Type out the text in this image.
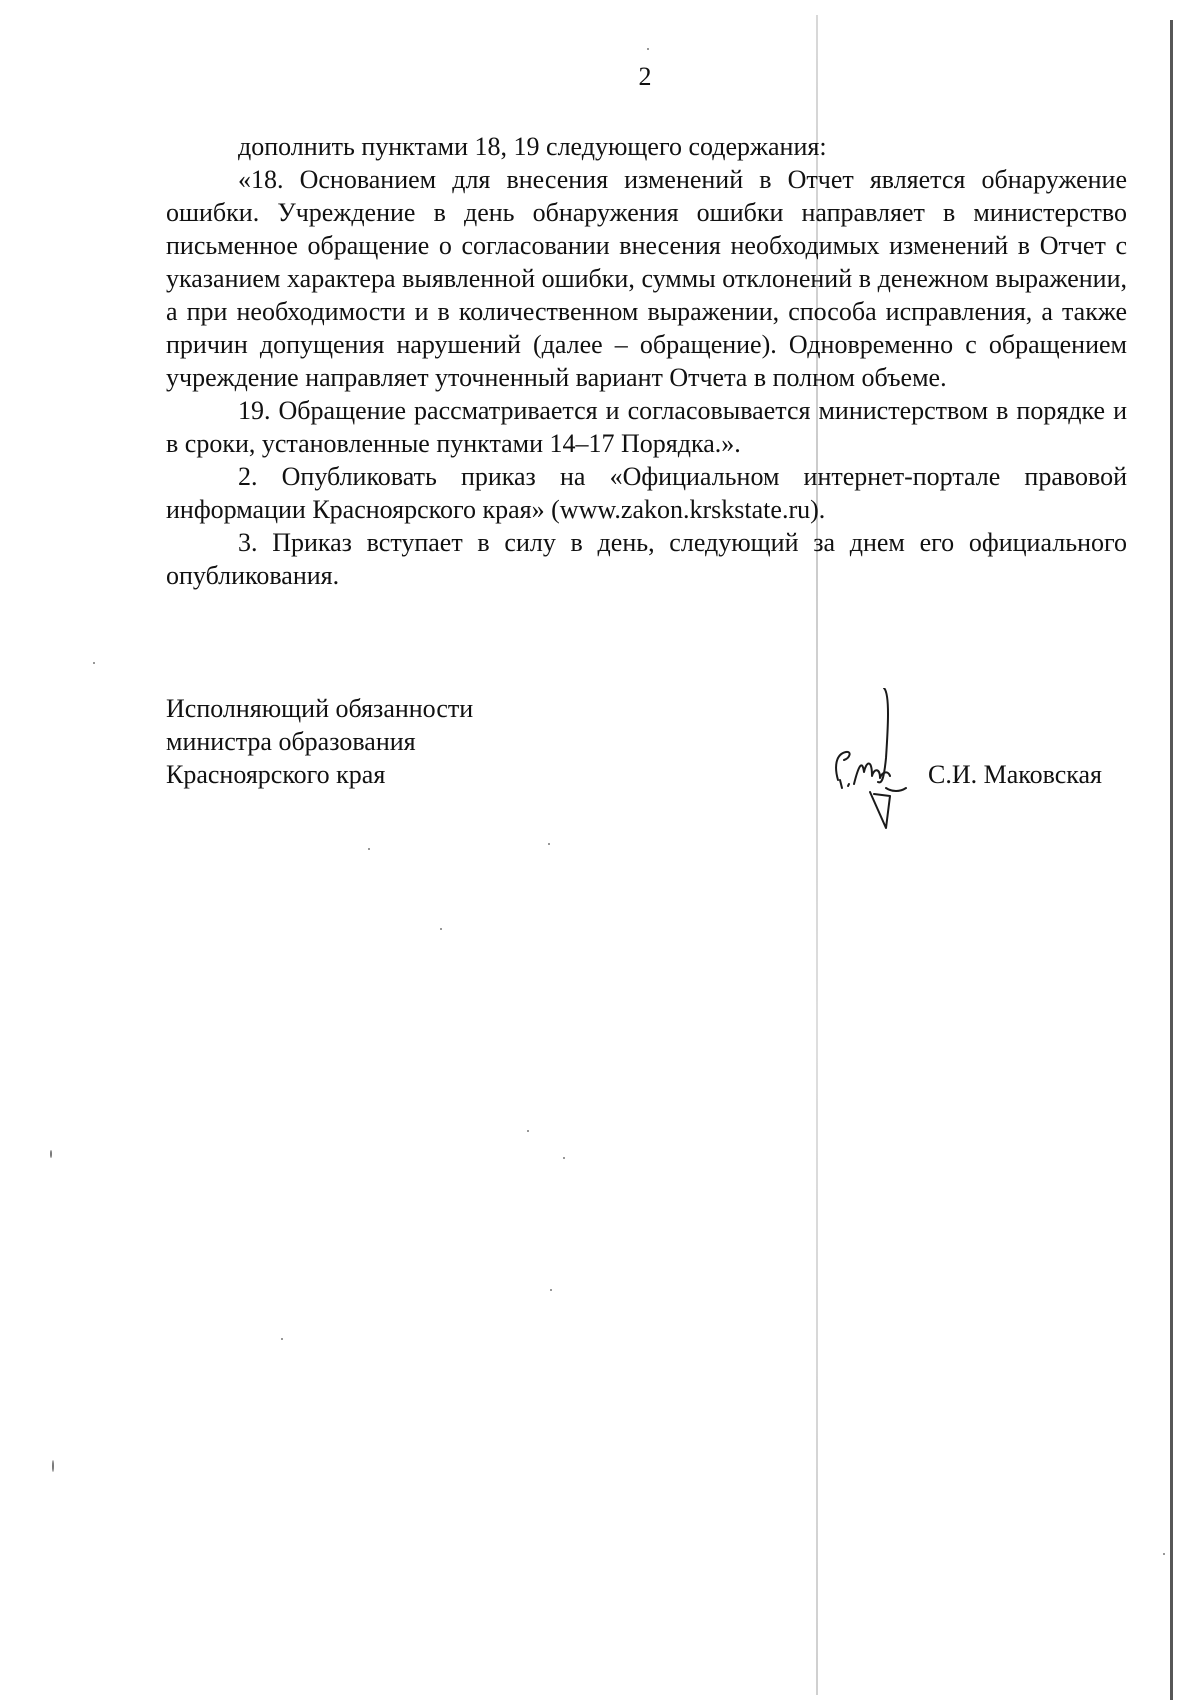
2

дополнить пунктами 18, 19 следующего содержания:

«18. Основанием для внесения изменений в Отчет является обнаружение ошибки. Учреждение в день обнаружения ошибки направляет в министерство письменное обращение о согласовании внесения необходимых изменений в Отчет с указанием характера выявленной ошибки, суммы отклонений в денежном выражении, а при необходимости и в количественном выражении, способа исправления, а также причин допущения нарушений (далее – обращение). Одновременно с обращением учреждение направляет уточненный вариант Отчета в полном объеме.

19. Обращение рассматривается и согласовывается министерством в порядке и в сроки, установленные пунктами 14–17 Порядка.».

2. Опубликовать приказ на «Официальном интернет-портале правовой информации Красноярского края» (www.zakon.krskstate.ru).

3. Приказ вступает в силу в день, следующий за днем его официального опубликования.

Исполняющий обязанности
министра образования
Красноярского края	С.И. Маковская
